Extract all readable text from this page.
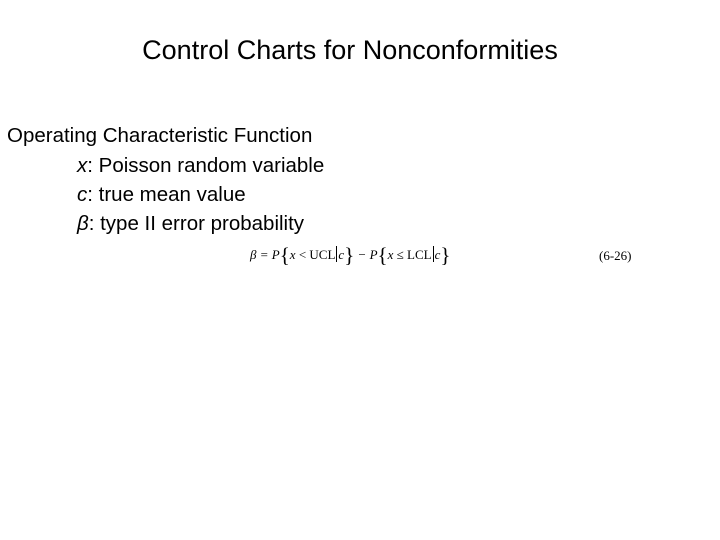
Control Charts for Nonconformities
Operating Characteristic Function
x: Poisson random variable
c: true mean value
β: type II error probability
β = P{x < UCL c} − P{x ≤ LCL c}	(6-26)
